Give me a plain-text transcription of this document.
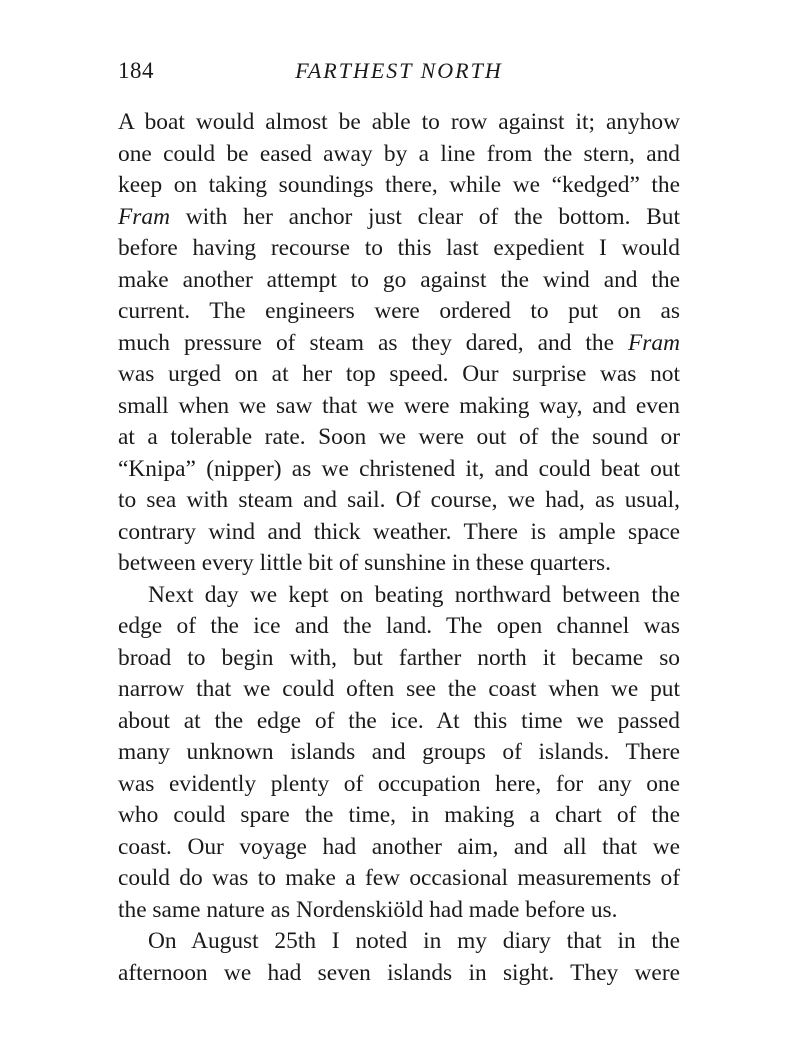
184	FARTHEST NORTH
A boat would almost be able to row against it; anyhow
one could be eased away by a line from the stern, and
keep on taking soundings there, while we “kedged” the
Fram with her anchor just clear of the bottom. But
before having recourse to this last expedient I would
make another attempt to go against the wind and the
current. The engineers were ordered to put on as
much pressure of steam as they dared, and the Fram
was urged on at her top speed. Our surprise was not
small when we saw that we were making way, and even
at a tolerable rate. Soon we were out of the sound or
“Knipa” (nipper) as we christened it, and could beat out
to sea with steam and sail. Of course, we had, as usual,
contrary wind and thick weather. There is ample space
between every little bit of sunshine in these quarters.
Next day we kept on beating northward between the
edge of the ice and the land. The open channel was
broad to begin with, but farther north it became so
narrow that we could often see the coast when we put
about at the edge of the ice. At this time we passed
many unknown islands and groups of islands. There
was evidently plenty of occupation here, for any one
who could spare the time, in making a chart of the
coast. Our voyage had another aim, and all that we
could do was to make a few occasional measurements of
the same nature as Nordenskiöld had made before us.
On August 25th I noted in my diary that in the
afternoon we had seven islands in sight. They were
